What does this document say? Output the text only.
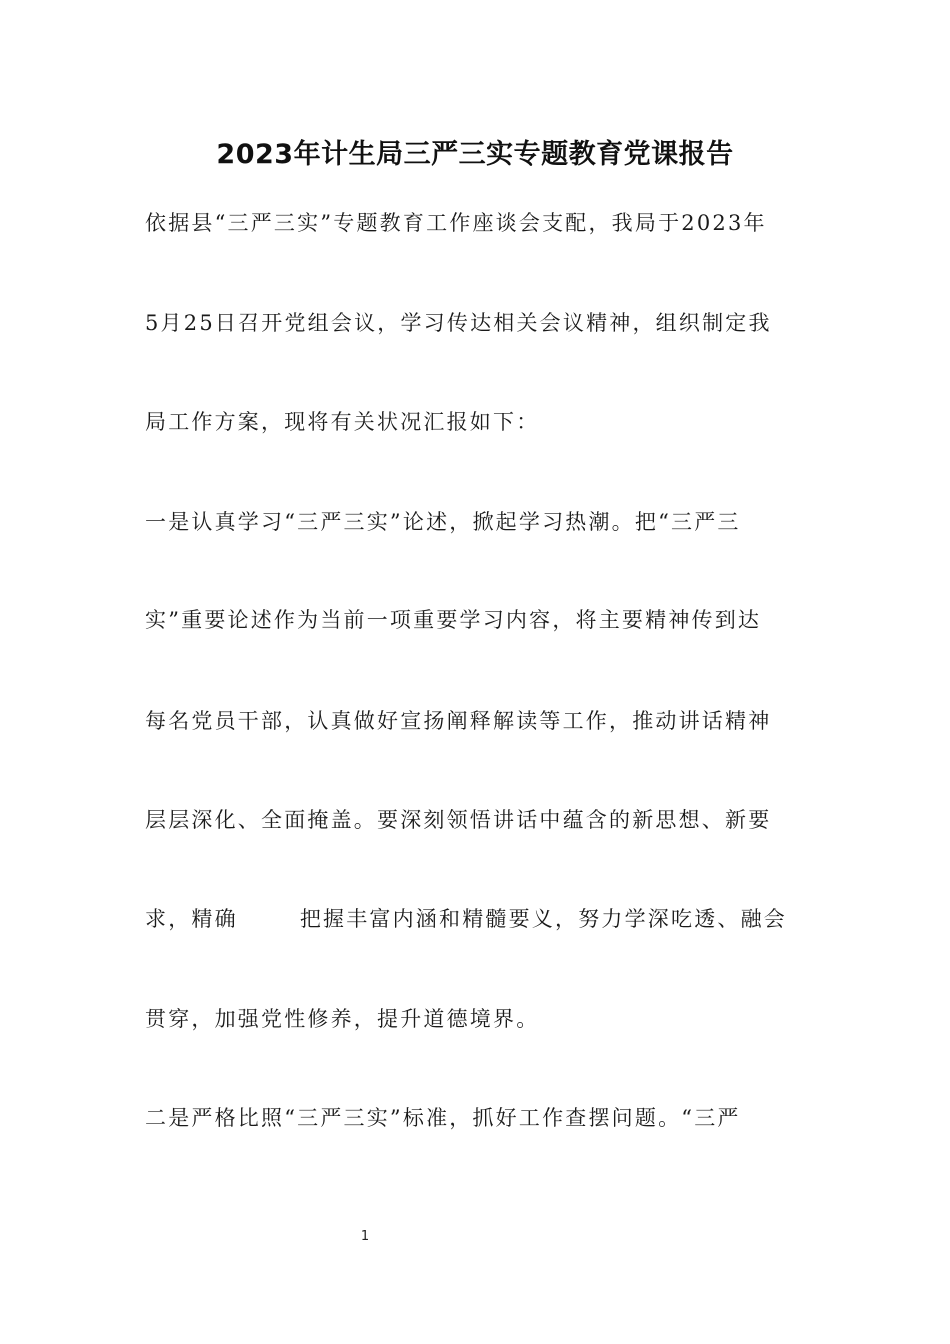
2023年计生局三严三实专题教育党课报告
依据县“三严三实”专题教育工作座谈会支配，我局于2023年
5月25日召开党组会议，学习传达相关会议精神，组织制定我
局工作方案，现将有关状况汇报如下：
一是认真学习“三严三实”论述，掀起学习热潮。把“三严三
实”重要论述作为当前一项重要学习内容，将主要精神传到达
每名党员干部，认真做好宣扬阐释解读等工作，推动讲话精神
层层深化、全面掩盖。要深刻领悟讲话中蕴含的新思想、新要
求，精确	把握丰富内涵和精髓要义，努力学深吃透、融会
贯穿，加强党性修养，提升道德境界。
二是严格比照“三严三实”标准，抓好工作查摆问题。“三严
1
